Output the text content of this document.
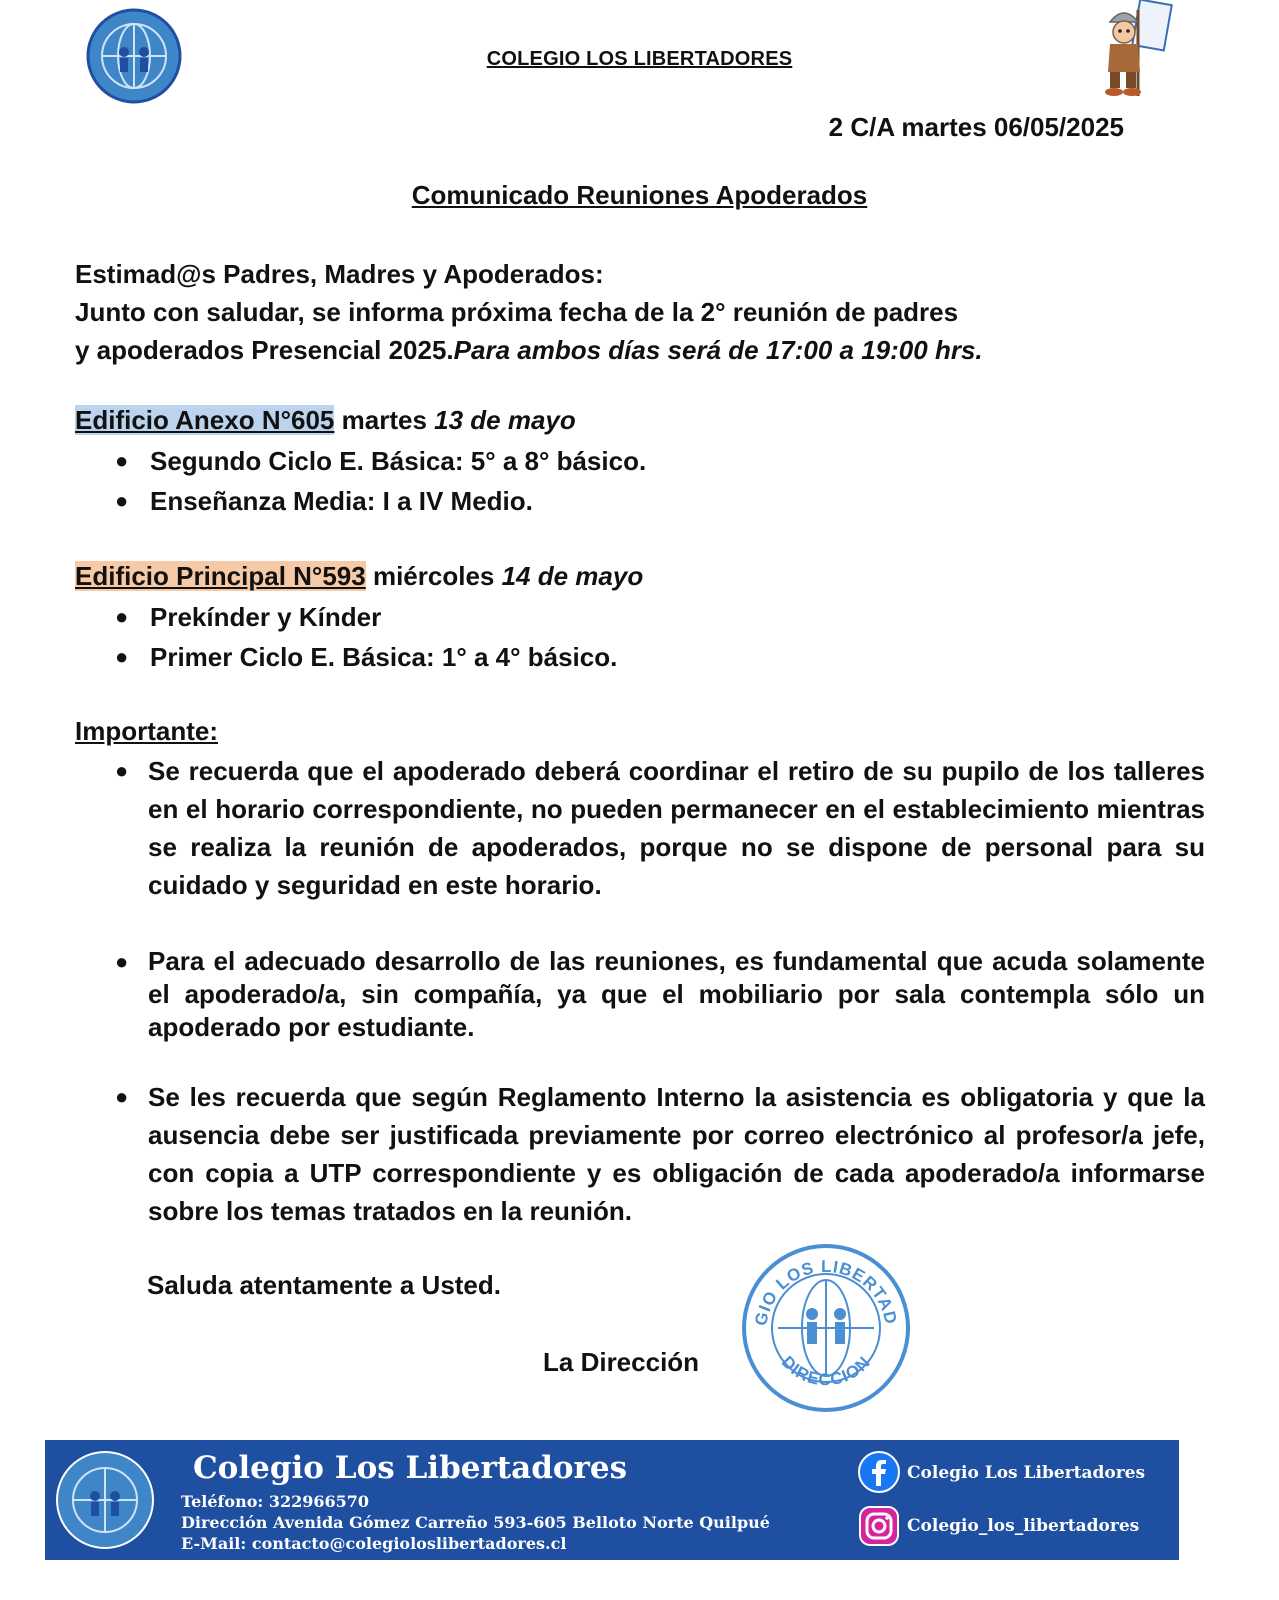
COLEGIO LOS LIBERTADORES
2 C/A martes 06/05/2025
Comunicado Reuniones Apoderados
Estimad@s Padres, Madres y Apoderados:
Junto con saludar, se informa próxima fecha de la 2° reunión de padres
y apoderados Presencial 2025.Para ambos días será de 17:00 a 19:00 hrs.
Edificio Anexo N°605 martes 13 de mayo
● Segundo Ciclo E. Básica: 5° a 8° básico.
● Enseñanza Media: I a IV Medio.
Edificio Principal N°593 miércoles 14 de mayo
● Prekínder y Kínder
● Primer Ciclo E. Básica: 1° a 4° básico.
Importante:
● Se recuerda que el apoderado deberá coordinar el retiro de su pupilo de los talleres en el horario correspondiente, no pueden permanecer en el establecimiento mientras se realiza la reunión de apoderados, porque no se dispone de personal para su cuidado y seguridad en este horario.
● Para el adecuado desarrollo de las reuniones, es fundamental que acuda solamente el apoderado/a, sin compañía, ya que el mobiliario por sala contempla sólo un apoderado por estudiante.
● Se les recuerda que según Reglamento Interno la asistencia es obligatoria y que la ausencia debe ser justificada previamente por correo electrónico al profesor/a jefe, con copia a UTP correspondiente y es obligación de cada apoderado/a informarse sobre los temas tratados en la reunión.
Saluda atentamente a Usted.
La Dirección
GIO LOS LIBERTAD
DIRECCION
Colegio Los Libertadores
Teléfono: 322966570
Dirección Avenida Gómez Carreño 593-605 Belloto Norte Quilpué
E-Mail: contacto@colegioloslibertadores.cl
Colegio Los Libertadores
Colegio_los_libertadores
